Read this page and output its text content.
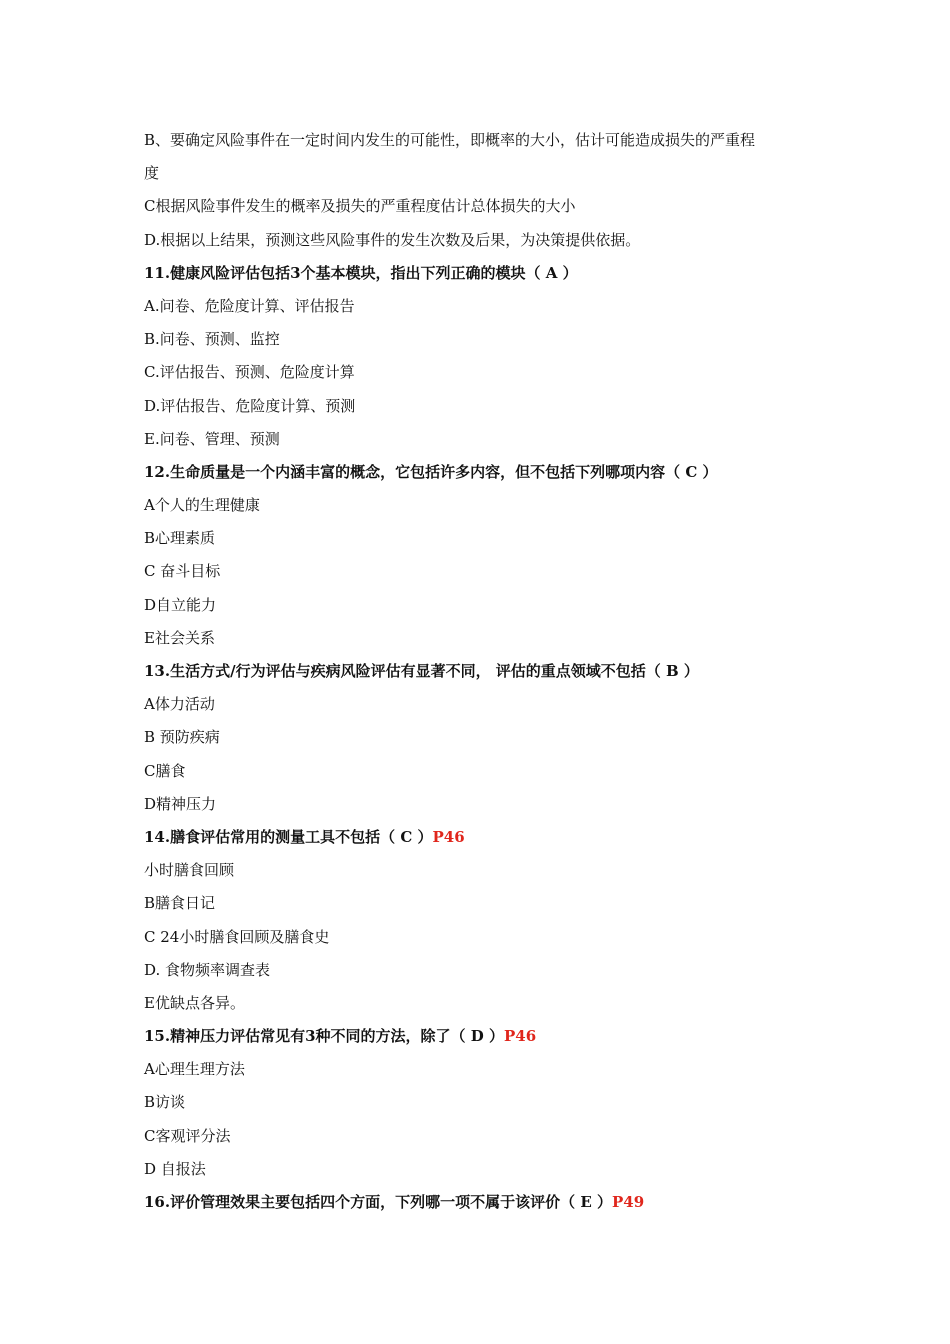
B、要确定风险事件在一定时间内发生的可能性，即概率的大小，估计可能造成损失的严重程
度
C根据风险事件发生的概率及损失的严重程度估计总体损失的大小
D.根据以上结果，预测这些风险事件的发生次数及后果，为决策提供依据。
11.健康风险评估包括3个基本模块，指出下列正确的模块（ A ）
A.问卷、危险度计算、评估报告
B.问卷、预测、监控
C.评估报告、预测、危险度计算
D.评估报告、危险度计算、预测
E.问卷、管理、预测
12.生命质量是一个内涵丰富的概念，它包括许多内容，但不包括下列哪项内容（ C ）
A个人的生理健康
B心理素质
C 奋斗目标
D自立能力
E社会关系
13.生活方式/行为评估与疾病风险评估有显著不同， 评估的重点领域不包括（ B ）
A体力活动
B 预防疾病
C膳食
D精神压力
14.膳食评估常用的测量工具不包括（ C ）P46
小时膳食回顾
B膳食日记
C 24小时膳食回顾及膳食史
D. 食物频率调查表
E优缺点各异。
15.精神压力评估常见有3种不同的方法，除了（ D ）P46
A心理生理方法
B访谈
C客观评分法
D 自报法
16.评价管理效果主要包括四个方面，下列哪一项不属于该评价（ E ）P49
